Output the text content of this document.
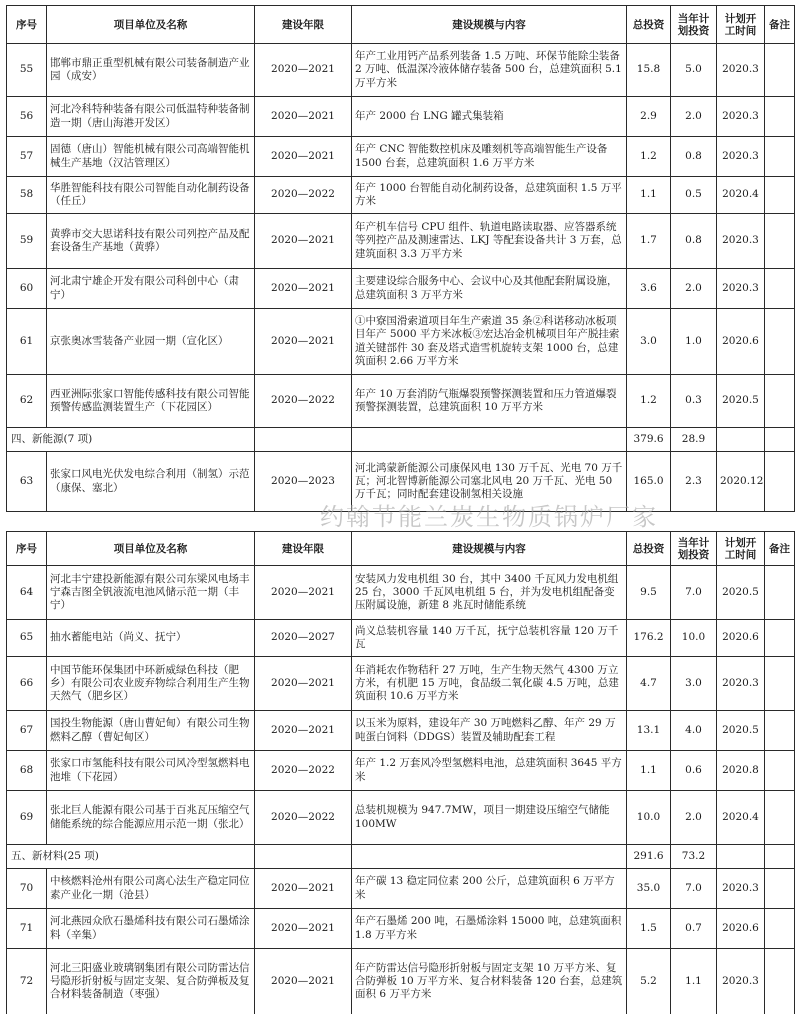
序号	项目单位及名称	建设年限	建设规模与内容	总投资	当年计划投资	计划开工时间	备注
55	邯郸市鼎正重型机械有限公司装备制造产业园（成安）	2020—2021	年产工业用钙产品系列装备 1.5 万吨、环保节能除尘装备 2 万吨、低温深冷液体储存装备 500 台，总建筑面积 5.1 万平方米	15.8	5.0	2020.3	
56	河北冷科特种装备有限公司低温特种装备制造一期（唐山海港开发区）	2020—2021	年产 2000 台 LNG 罐式集装箱	2.9	2.0	2020.3	
57	固德（唐山）智能机械有限公司高端智能机械生产基地（汉沽管理区）	2020—2021	年产 CNC 智能数控机床及雕刻机等高端智能生产设备 1500 台套，总建筑面积 1.6 万平方米	1.2	0.8	2020.3	
58	华胜智能科技有限公司智能自动化制药设备（任丘）	2020—2022	年产 1000 台智能自动化制药设备，总建筑面积 1.5 万平方米	1.1	0.5	2020.4	
59	黄骅市交大思诺科技有限公司列控产品及配套设备生产基地（黄骅）	2020—2021	年产机车信号 CPU 组件、轨道电路读取器、应答器系统等列控产品及测速雷达、LKJ 等配套设备共计 3 万套，总建筑面积 3.3 万平方米	1.7	0.8	2020.3	
60	河北肃宁雄企开发有限公司科创中心（肃宁）	2020—2021	主要建设综合服务中心、会议中心及其他配套附属设施，总建筑面积 3 万平方米	3.6	2.0	2020.3	
61	京张奥冰雪装备产业园一期（宣化区）	2020—2021	①中寮国滑索道项目年生产索道 35 条②科诺移动冰板项目年产 5000 平方米冰板③宏达冶金机械项目年产脱挂索道关键部件 30 套及塔式造雪机旋转支架 1000 台，总建筑面积 2.66 万平方米	3.0	1.0	2020.6	
62	西亚洲际张家口智能传感科技有限公司智能预警传感监测装置生产（下花园区）	2020—2022	年产 10 万套消防气瓶爆裂预警探测装置和压力管道爆裂预警探测装置，总建筑面积 10 万平方米	1.2	0.3	2020.5	
四、新能源(7 项)				379.6	28.9		
63	张家口风电光伏发电综合利用（制氢）示范（康保、塞北）	2020—2023	河北鸿蒙新能源公司康保风电 130 万千瓦、光电 70 万千瓦；河北智博新能源公司塞北风电 20 万千瓦、光电 50 万千瓦；同时配套建设制氢相关设施	165.0	2.3	2020.12	
约翰节能兰炭生物质锅炉厂家
序号	项目单位及名称	建设年限	建设规模与内容	总投资	当年计划投资	计划开工时间	备注
64	河北丰宁建投新能源有限公司东梁风电场丰宁森吉图全钒液流电池风储示范一期（丰宁）	2020—2021	安装风力发电机组 30 台，其中 3400 千瓦风力发电机组 25 台，3000 千瓦风电机组 5 台，并为发电机组配备变压附属设施，新建 8 兆瓦时储能系统	9.5	7.0	2020.5	
65	抽水蓄能电站（尚义、抚宁）	2020—2027	尚义总装机容量 140 万千瓦，抚宁总装机容量 120 万千瓦	176.2	10.0	2020.6	
66	中国节能环保集团中环新威绿色科技（肥乡）有限公司农业废弃物综合利用生产生物天然气（肥乡区）	2020—2021	年消耗农作物秸秆 27 万吨，生产生物天然气 4300 万立方米，有机肥 15 万吨，食品级二氧化碳 4.5 万吨，总建筑面积 10.6 万平方米	4.7	3.0	2020.3	
67	国投生物能源（唐山曹妃甸）有限公司生物燃料乙醇（曹妃甸区）	2020—2021	以玉米为原料，建设年产 30 万吨燃料乙醇、年产 29 万吨蛋白饲料（DDGS）装置及辅助配套工程	13.1	4.0	2020.5	
68	张家口市氢能科技有限公司风冷型氢燃料电池堆（下花园）	2020—2022	年产 1.2 万套风冷型氢燃料电池，总建筑面积 3645 平方米	1.1	0.6	2020.8	
69	张北巨人能源有限公司基于百兆瓦压缩空气储能系统的综合能源应用示范一期（张北）	2020—2022	总装机规模为 947.7MW，项目一期建设压缩空气储能 100MW	10.0	2.0	2020.4	
五、新材料(25 项)				291.6	73.2		
70	中核燃料沧州有限公司离心法生产稳定同位素产业化一期（沧县）	2020—2021	年产碳 13 稳定同位素 200 公斤，总建筑面积 6 万平方米	35.0	7.0	2020.3	
71	河北燕园众欣石墨烯科技有限公司石墨烯涂料（辛集）	2020—2021	年产石墨烯 200 吨，石墨烯涂料 15000 吨，总建筑面积 1.8 万平方米	1.5	0.7	2020.6	
72	河北三阳盛业玻璃钢集团有限公司防雷达信号隐形折射板与固定支架、复合防弹板及复合材料装备制造（枣强）	2020—2021	年产防雷达信号隐形折射板与固定支架 10 万平方米、复合防弹板 10 万平方米、复合材料装备 120 台套，总建筑面积 6 万平方米	5.2	1.1	2020.3	
